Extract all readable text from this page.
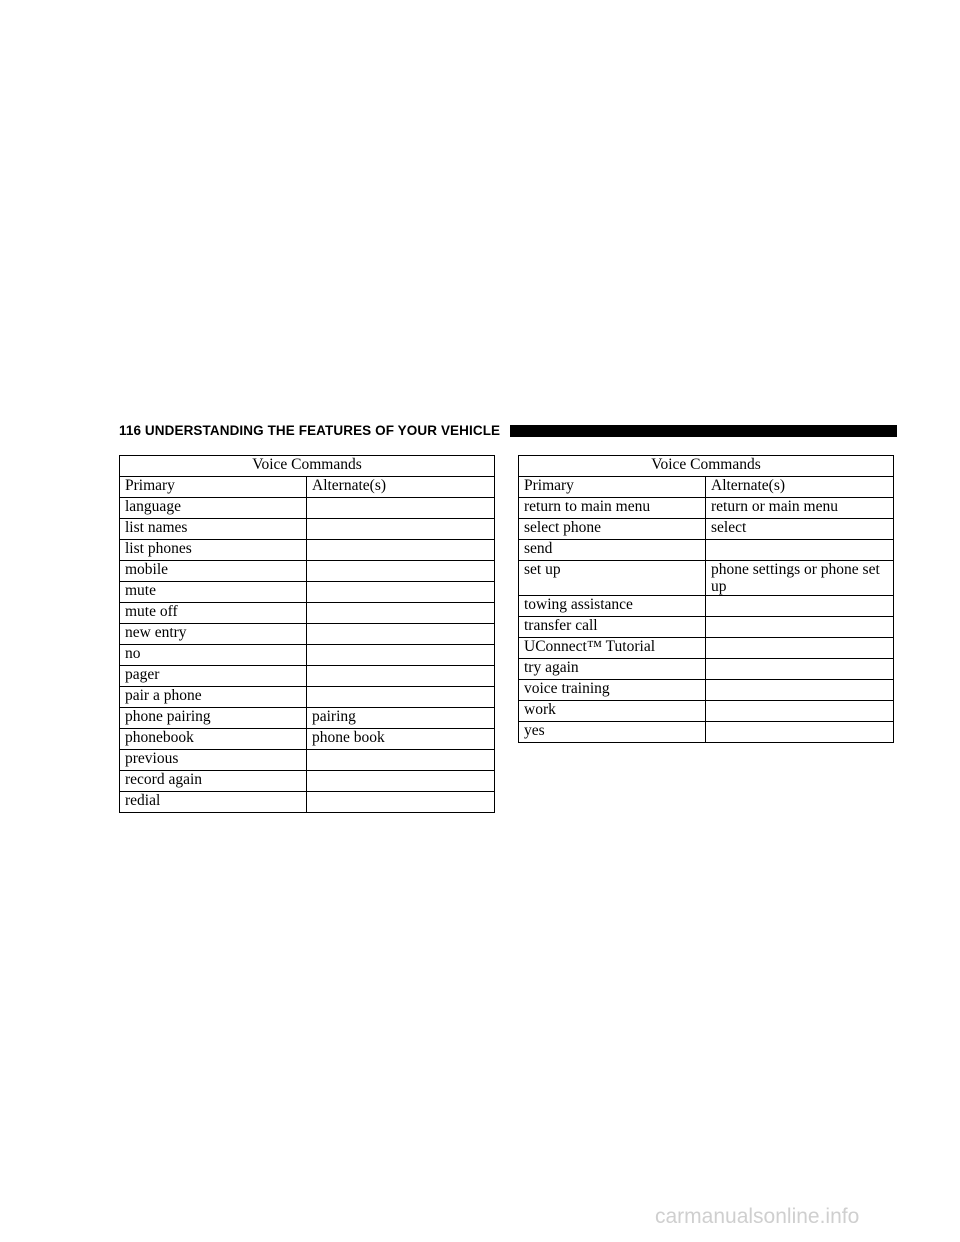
116 UNDERSTANDING THE FEATURES OF YOUR VEHICLE
Voice Commands	
Primary	Alternate(s)
language	
list names	
list phones	
mobile	
mute	
mute off	
new entry	
no	
pager	
pair a phone	
phone pairing	pairing
phonebook	phone book
previous	
record again	
redial	
Voice Commands	
Primary	Alternate(s)
return to main menu	return or main menu
select phone	select
send	
set up	phone settings or phone set up
towing assistance	
transfer call	
UConnect™ Tutorial	
try again	
voice training	
work	
yes	
carmanualsonline.info
